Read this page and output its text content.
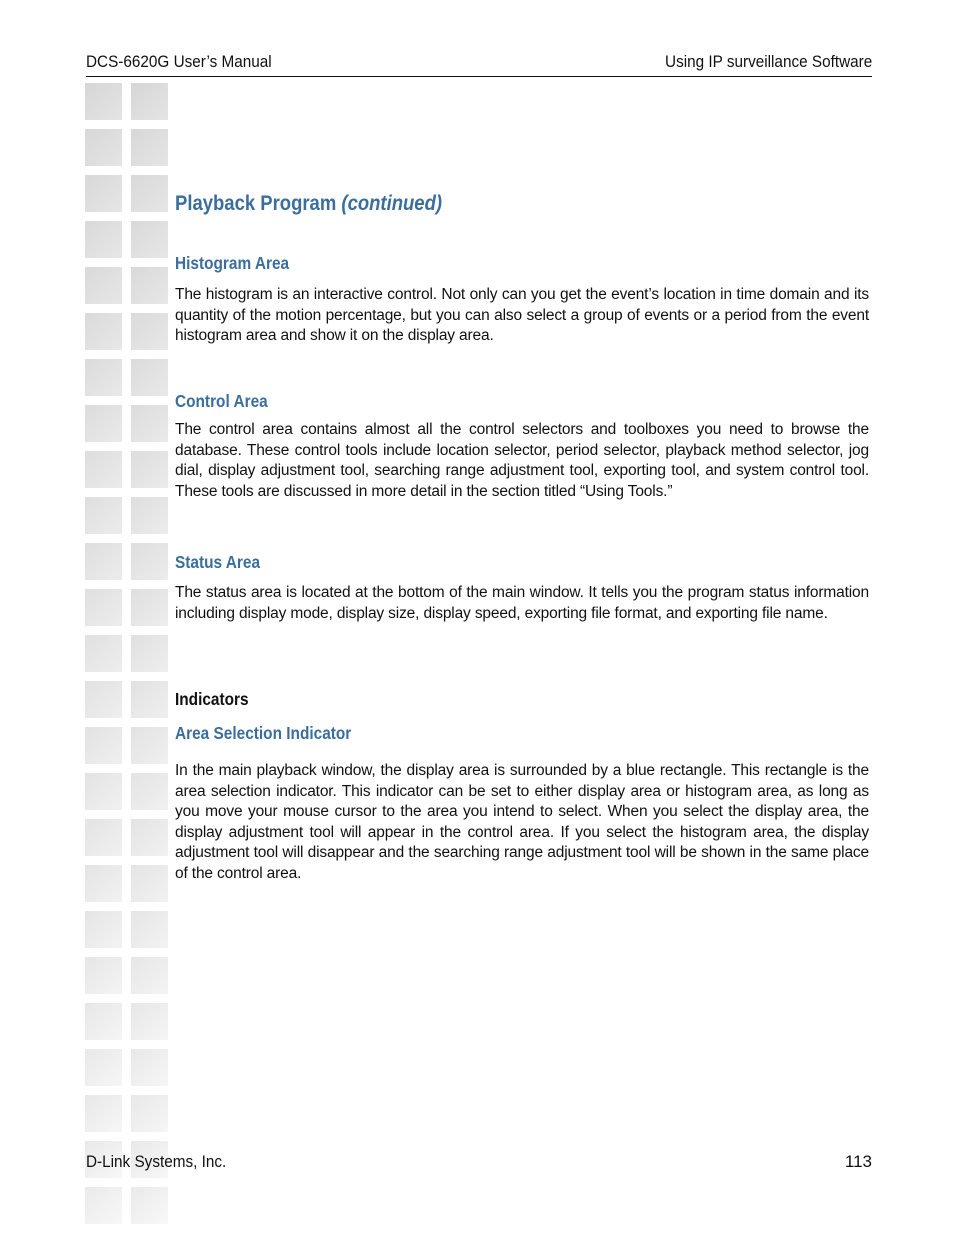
DCS-6620G User’s Manual	Using IP surveillance Software
Playback Program (continued)
Histogram Area
The histogram is an interactive control. Not only can you get the event’s location in time domain and its quantity of the motion percentage, but you can also select a group of events or a period from the event histogram area and show it on the display area.
Control Area
The control area contains almost all the control selectors and toolboxes you need to browse the database. These control tools include location selector, period selector, playback method selector, jog dial, display adjustment tool, searching range adjustment tool, exporting tool, and system control tool. These tools are discussed in more detail in the section titled “Using Tools.”
Status Area
The status area is located at the bottom of the main window. It tells you the program status information including display mode, display size, display speed, exporting file format, and exporting file name.
Indicators
Area Selection Indicator
In the main playback window, the display area is surrounded by a blue rectangle. This rectangle is the area selection indicator. This indicator can be set to either display area or histogram area, as long as you move your mouse cursor to the area you intend to select. When you select the display area, the display adjustment tool will appear in the control area. If you select the histogram area, the display adjustment tool will disappear and the searching range adjustment tool will be shown in the same place of the control area.
D-Link Systems, Inc.	113
